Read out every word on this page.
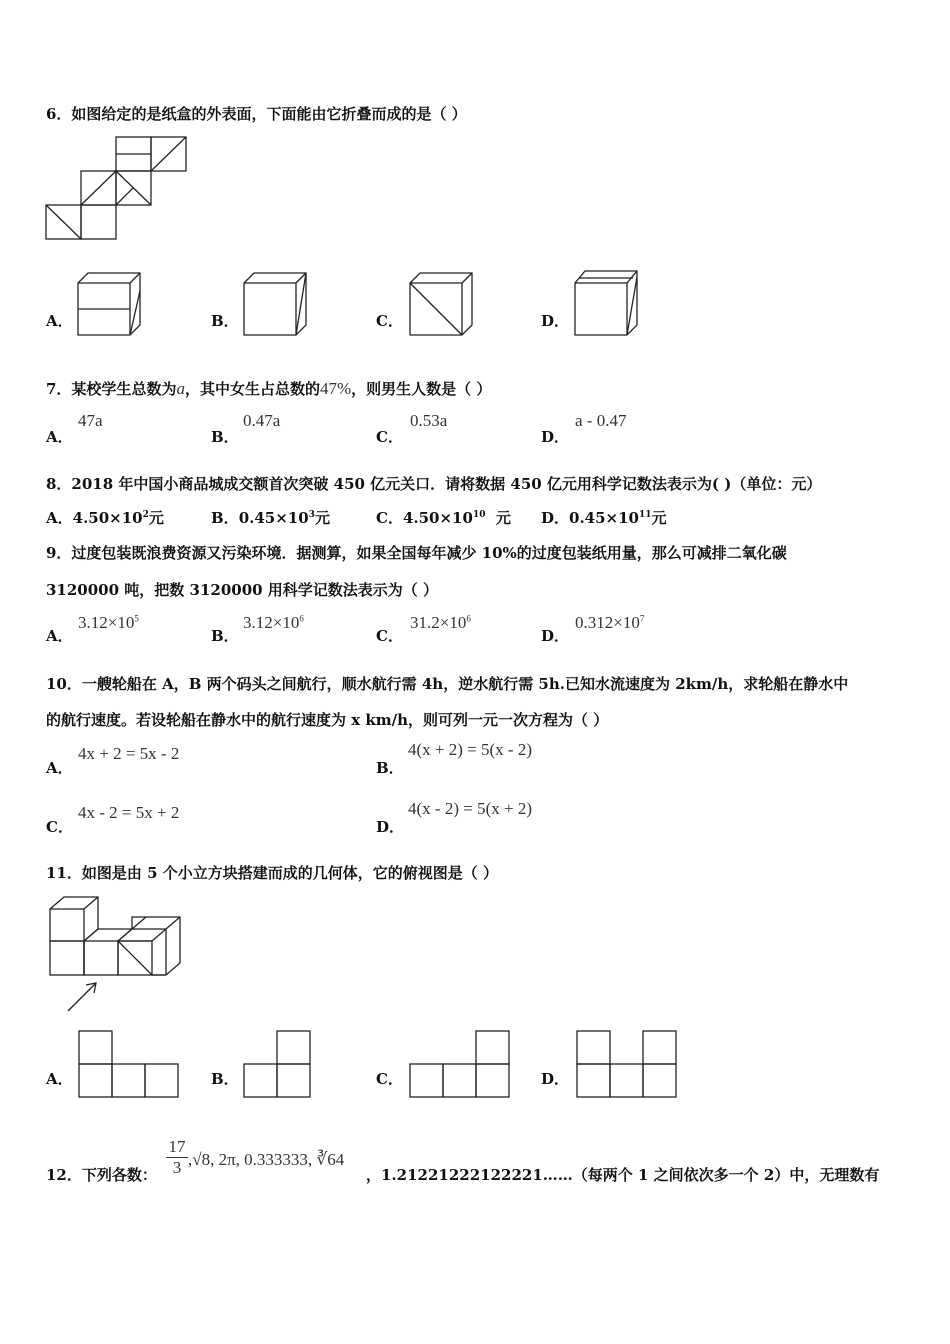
6．如图给定的是纸盒的外表面，下面能由它折叠而成的是（ ）
A．	B．	C．	D．
7．某校学生总数为a，其中女生占总数的47%，则男生人数是（ ）
A．
47a
B．
0.47a
C．
0.53a
D．
a - 0.47
8．2018 年中国小商品城成交额首次突破 450 亿元关口．请将数据 450 亿元用科学记数法表示为( )（单位：元）
A．$4.50\times 10^2$元	B．$0.45\times 10^3$元	C．$4.50\times 10^{10}$  元 D．$0.45\times 10^{11}$元
9．过度包装既浪费资源又污染环境．据测算，如果全国每年减少 10%的过度包装纸用量，那么可减排二氧化碳
3120000 吨，把数 3120000 用科学记数法表示为（ ）
A．
$3.12\times 10^5$
B．
$3.12\times 10^6$
C．
$31.2\times 10^6$
D．
$0.312\times 10^7$
10．一艘轮船在 A，B 两个码头之间航行，顺水航行需 4h，逆水航行需 5h.已知水流速度为 2km/h，求轮船在静水中
的航行速度。若设轮船在静水中的航行速度为 x km/h，则可列一元一次方程为（ ）
A．
4x + 2 = 5x - 2
B．
4(x + 2) = 5(x - 2)
C．
4x - 2 = 5x + 2
D．
4(x - 2) = 5(x + 2)
11．如图是由 5 个小立方块搭建而成的几何体，它的俯视图是（ ）
A．	B．	C．	D．
12．下列各数： $\frac{17}{3} ,√8$, 2π, 0.333333, ∛64
，1.21221222122221……（每两个 1 之间依次多一个 2）中，无理数有
